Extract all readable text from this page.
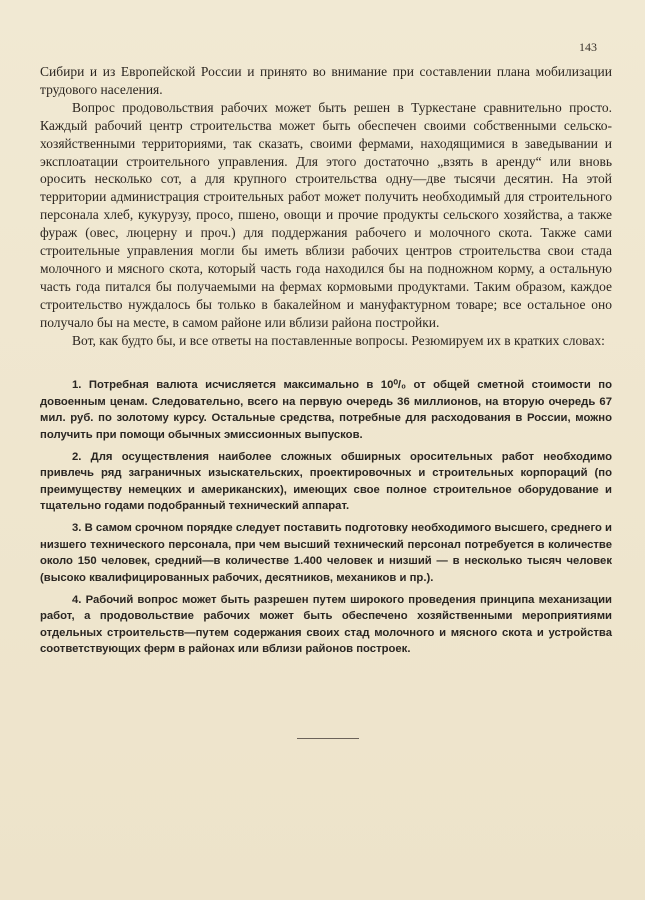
143

Сибири и из Европейской России и принято во внимание при составлении плана мобилизации трудового населения.

Вопрос продовольствия рабочих может быть решен в Туркестане сравнительно просто. Каждый рабочий центр строительства может быть обеспечен своими собственными сельско-хозяйственными территориями, так сказать, своими фермами, находящимися в заведывании и эксплоатации строительного управления. Для этого достаточно „взять в аренду“ или вновь оросить несколько сот, а для крупного строительства одну—две тысячи десятин. На этой территории администрация строительных работ может получить необходимый для строительного персонала хлеб, кукурузу, просо, пшено, овощи и прочие продукты сельского хозяйства, а также фураж (овес, люцерну и проч.) для поддержания рабочего и молочного скота. Также сами строительные управления могли бы иметь вблизи рабочих центров строительства свои стада молочного и мясного скота, который часть года находился бы на подножном корму, а остальную часть года питался бы получаемыми на фермах кормовыми продуктами. Таким образом, каждое строительство нуждалось бы только в бакалейном и мануфактурном товаре; все остальное оно получало бы на месте, в самом районе или вблизи района постройки.

Вот, как будто бы, и все ответы на поставленные вопросы. Резюмируем их в кратких словах:

1. Потребная валюта исчисляется максимально в 10⁰/₀ от общей сметной стоимости по довоенным ценам. Следовательно, всего на первую очередь 36 миллионов, на вторую очередь 67 мил. руб. по золотому курсу. Остальные средства, потребные для расходования в России, можно получить при помощи обычных эмиссионных выпусков.

2. Для осуществления наиболее сложных обширных оросительных работ необходимо привлечь ряд заграничных изыскательских, проектировочных и строительных корпораций (по преимуществу немецких и американских), имеющих свое полное строительное оборудование и тщательно годами подобранный технический аппарат.

3. В самом срочном порядке следует поставить подготовку необходимого высшего, среднего и низшего технического персонала, при чем высший технический персонал потребуется в количестве около 150 человек, средний—в количестве 1.400 человек и низший — в несколько тысяч человек (высоко квалифицированных рабочих, десятников, механиков и пр.).

4. Рабочий вопрос может быть разрешен путем широкого проведения принципа механизации работ, а продовольствие рабочих может быть обеспечено хозяйственными мероприятиями отдельных строительств—путем содержания своих стад молочного и мясного скота и устройства соответствующих ферм в районах или вблизи районов построек.
